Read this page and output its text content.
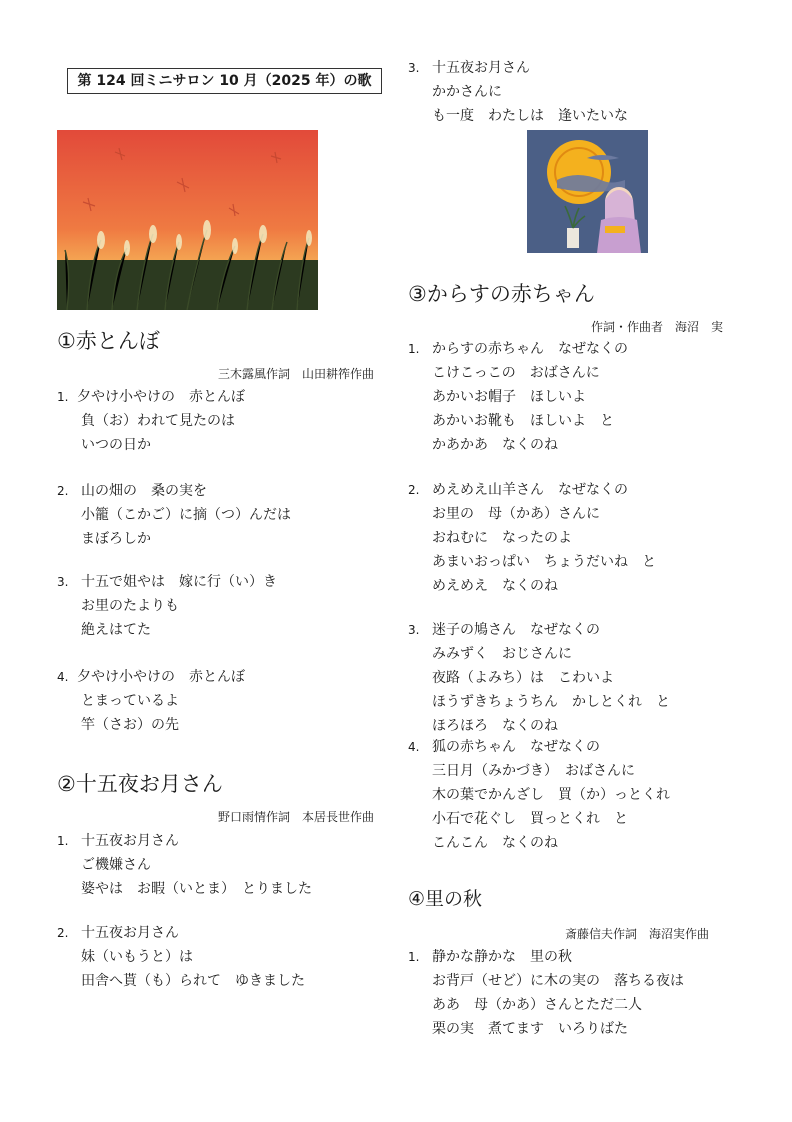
第 124 回ミニサロン 10 月（2025 年）の歌
①赤とんぼ
三木露風作詞　山田耕筰作曲
1. 夕やけ小やけの　赤とんぼ
負（お）われて見たのは
いつの日か
2. 山の畑の　桑の実を
小籠（こかご）に摘（つ）んだは
まぼろしか
3. 十五で姐やは　嫁に行（い）き
お里のたよりも
絶えはてた
4. 夕やけ小やけの　赤とんぼ
とまっているよ
竿（さお）の先
②十五夜お月さん
野口雨情作詞　本居長世作曲
1. 十五夜お月さん
ご機嫌さん
婆やは　お暇（いとま）　とりました
2. 十五夜お月さん
妹（いもうと）は
田舎へ貰（も）られて　ゆきました
3. 十五夜お月さん
かかさんに
も一度　わたしは　逢いたいな
③からすの赤ちゃん
作詞・作曲者　海沼　実
1. からすの赤ちゃん　なぜなくの
こけこっこの　おばさんに
あかいお帽子　ほしいよ
あかいお靴も　ほしいよ　と
かあかあ　なくのね
2. めえめえ山羊さん　なぜなくの
お里の　母（かあ）さんに
おねむに　なったのよ
あまいおっぱい　ちょうだいね　と
めえめえ　なくのね
3. 迷子の鳩さん　なぜなくの
みみずく　おじさんに
夜路（よみち）は　こわいよ
ほうずきちょうちん　かしとくれ　と
ほろほろ　なくのね
4. 狐の赤ちゃん　なぜなくの
三日月（みかづき）　おばさんに
木の葉でかんざし　買（か）っとくれ
小石で花ぐし　買っとくれ　と
こんこん　なくのね
④里の秋
斎藤信夫作詞　海沼実作曲
1. 静かな静かな　里の秋
お背戸（せど）に木の実の　落ちる夜は
ああ　母（かあ）さんとただ二人
栗の実　煮てます　いろりばた
